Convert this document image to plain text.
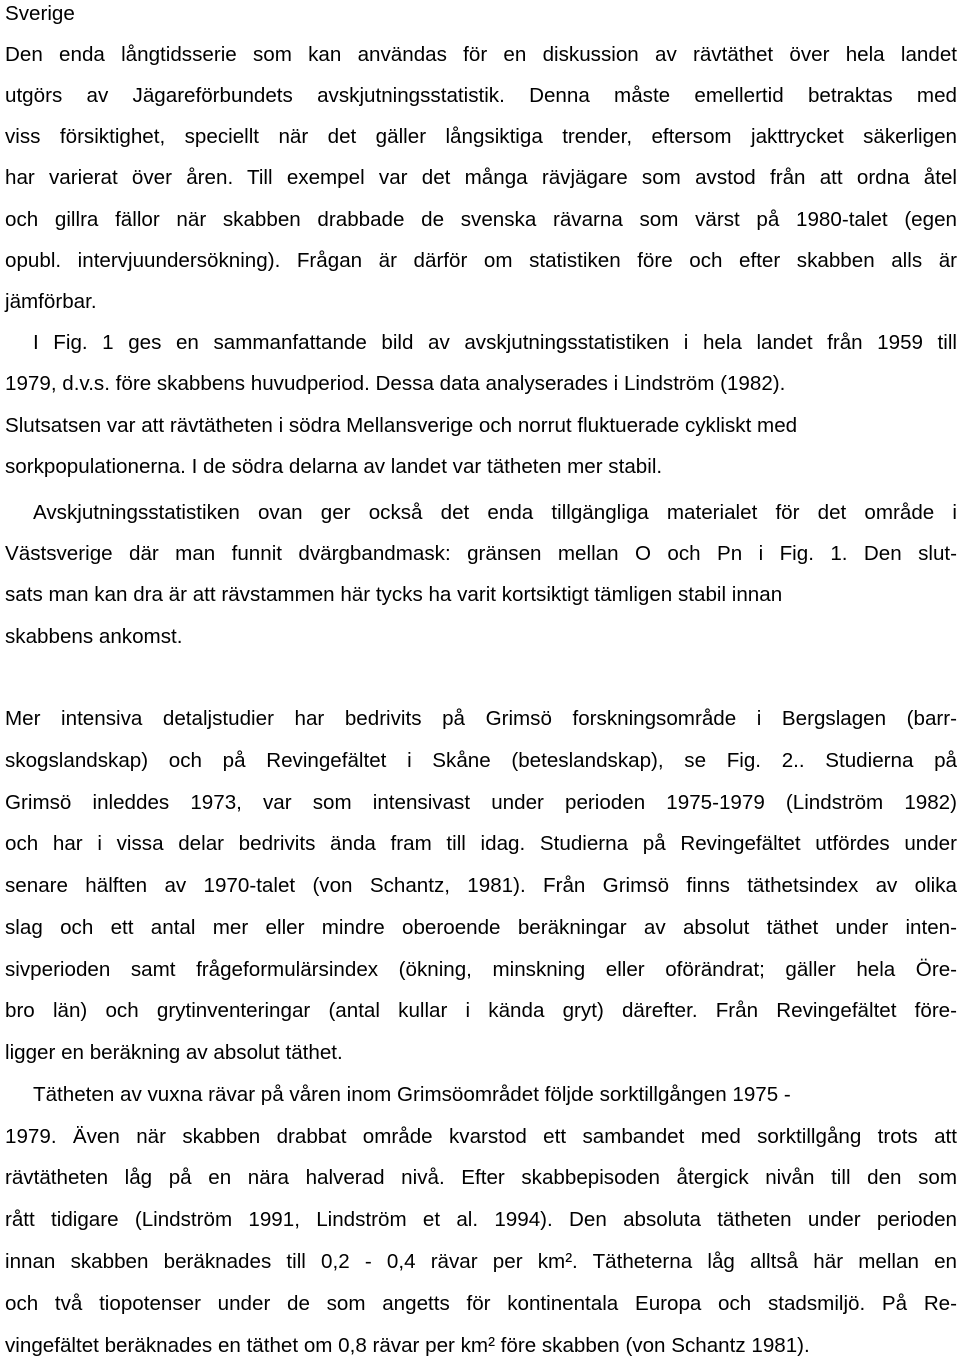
Sverige
Den enda långtidsserie som kan användas för en diskussion av rävtäthet över hela landet
utgörs av Jägareförbundets avskjutningsstatistik. Denna måste emellertid betraktas med
viss försiktighet, speciellt när det gäller långsiktiga trender, eftersom jakttrycket säkerligen
har varierat över åren. Till exempel var det många rävjägare som avstod från att ordna åtel
och gillra fällor när skabben drabbade de svenska rävarna som värst på 1980-talet (egen
opubl. intervjuundersökning). Frågan är därför om statistiken före och efter skabben alls är
jämförbar.
I Fig. 1 ges en sammanfattande bild av avskjutningsstatistiken i hela landet från 1959 till
1979, d.v.s. före skabbens huvudperiod. Dessa data analyserades i Lindström (1982).
Slutsatsen var att rävtätheten i södra Mellansverige och norrut fluktuerade cykliskt med
sorkpopulationerna. I de södra delarna av landet var tätheten mer stabil.
Avskjutningsstatistiken ovan ger också det enda tillgängliga materialet för det område i
Västsverige där man funnit dvärgbandmask: gränsen mellan O och Pn i Fig. 1. Den slut-
sats man kan dra är att rävstammen här tycks ha varit kortsiktigt tämligen stabil innan
skabbens ankomst.
Mer intensiva detaljstudier har bedrivits på Grimsö forskningsområde i Bergslagen (barr-
skogslandskap) och på Revingefältet i Skåne (beteslandskap), se Fig. 2.. Studierna på
Grimsö inleddes 1973, var som intensivast under perioden 1975-1979 (Lindström 1982)
och har i vissa delar bedrivits ända fram till idag. Studierna på Revingefältet utfördes under
senare hälften av 1970-talet (von Schantz, 1981). Från Grimsö finns täthetsindex av olika
slag och ett antal mer eller mindre oberoende beräkningar av absolut täthet under inten-
sivperioden samt frågeformulärsindex (ökning, minskning eller oförändrat; gäller hela Öre-
bro län) och grytinventeringar (antal kullar i kända gryt) därefter. Från Revingefältet före-
ligger en beräkning av absolut täthet.
Tätheten av vuxna rävar på våren inom Grimsöområdet följde sorktillgången 1975 -
1979. Även när skabben drabbat område kvarstod ett sambandet med sorktillgång trots att
rävtätheten låg på en nära halverad nivå. Efter skabbepisoden återgick nivån till den som
rått tidigare (Lindström 1991, Lindström et al. 1994). Den absoluta tätheten under perioden
innan skabben beräknades till 0,2 - 0,4 rävar per km². Tätheterna låg alltså här mellan en
och två tiopotenser under de som angetts för kontinentala Europa och stadsmiljö. På Re-
vingefältet beräknades en täthet om 0,8 rävar per km² före skabben (von Schantz 1981).
